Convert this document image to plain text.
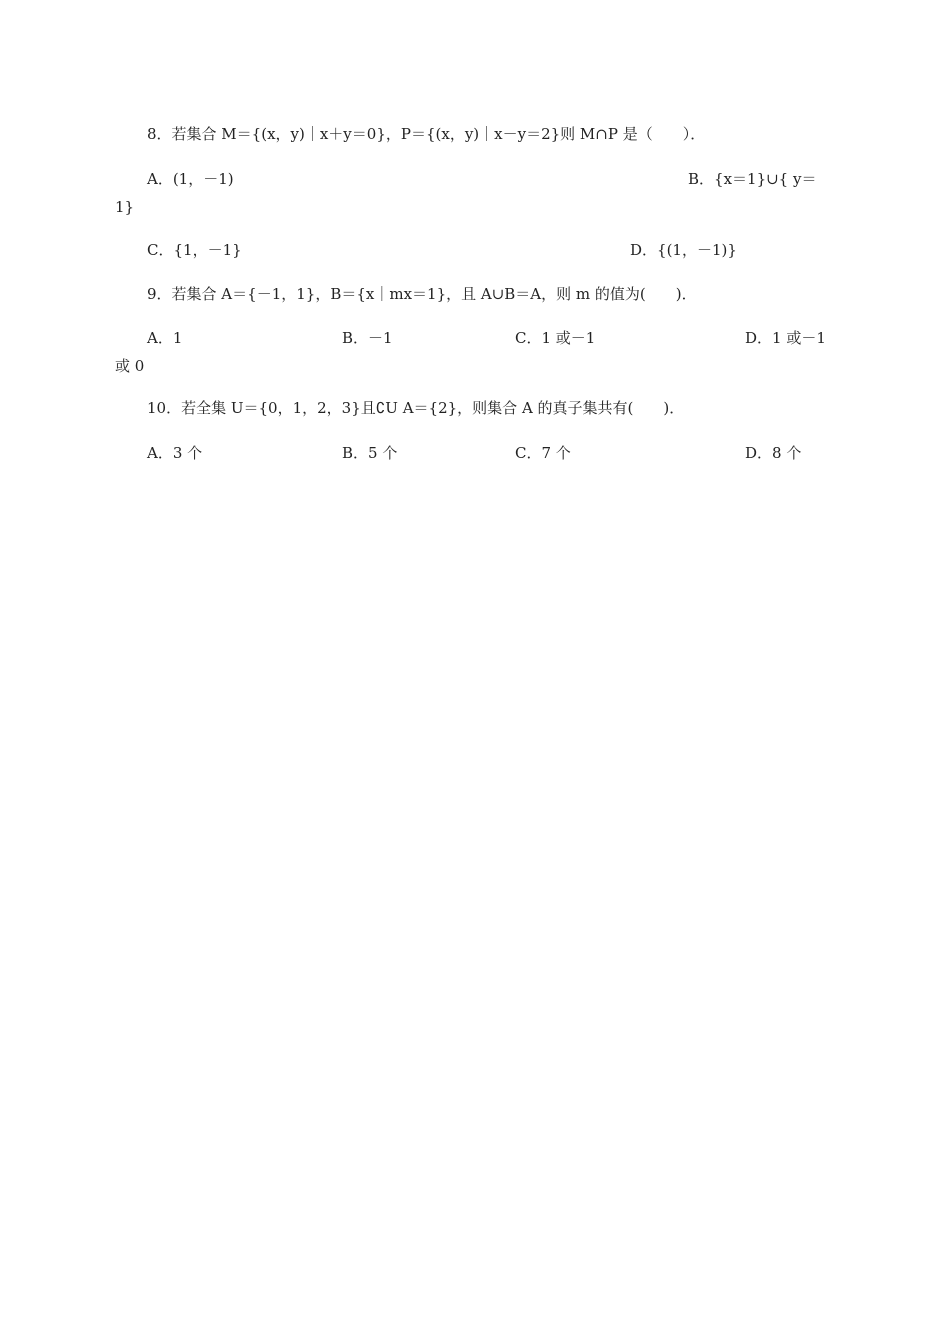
8．若集合 M＝{(x，y)｜x＋y＝0}，P＝{(x，y)｜x－y＝2}则 M∩P 是（　　）．
A．(1，－1)	B．{x＝1}∪{ y＝
1}
C．{1，－1}	D．{(1，－1)}
9．若集合 A＝{－1，1}，B＝{x｜mx＝1}，且 A∪B＝A，则 m 的值为(　　)．
A．1	B．－1	C．1 或－1	D．1 或－1
或 0
10．若全集 U＝{0，1，2，3}且∁U A＝{2}，则集合 A 的真子集共有(　　)．
A．3 个	B．5 个	C．7 个	D．8 个
